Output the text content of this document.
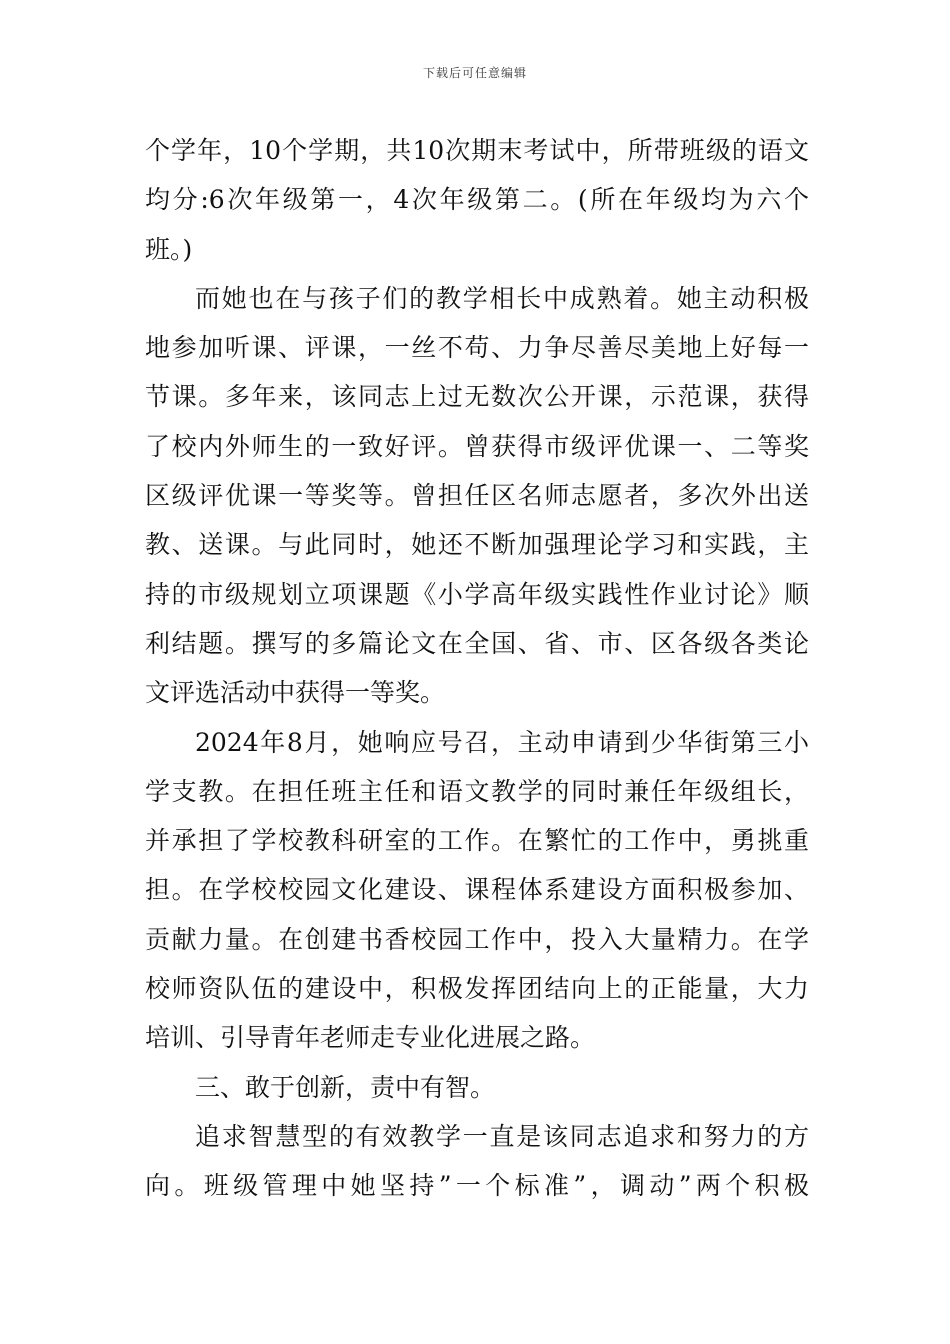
下载后可任意编辑
个学年，10个学期，共10次期末考试中，所带班级的语文
均分:6次年级第一，4次年级第二。(所在年级均为六个
班。)
而她也在与孩子们的教学相长中成熟着。她主动积极
地参加听课、评课，一丝不苟、力争尽善尽美地上好每一
节课。多年来，该同志上过无数次公开课，示范课，获得
了校内外师生的一致好评。曾获得市级评优课一、二等奖
区级评优课一等奖等。曾担任区名师志愿者，多次外出送
教、送课。与此同时，她还不断加强理论学习和实践，主
持的市级规划立项课题《小学高年级实践性作业讨论》顺
利结题。撰写的多篇论文在全国、省、市、区各级各类论
文评选活动中获得一等奖。
2024年8月，她响应号召，主动申请到少华街第三小
学支教。在担任班主任和语文教学的同时兼任年级组长，
并承担了学校教科研室的工作。在繁忙的工作中，勇挑重
担。在学校校园文化建设、课程体系建设方面积极参加、
贡献力量。在创建书香校园工作中，投入大量精力。在学
校师资队伍的建设中，积极发挥团结向上的正能量，大力
培训、引导青年老师走专业化进展之路。
三、敢于创新，责中有智。
追求智慧型的有效教学一直是该同志追求和努力的方
向。班级管理中她坚持”一个标准”，调动”两个积极
